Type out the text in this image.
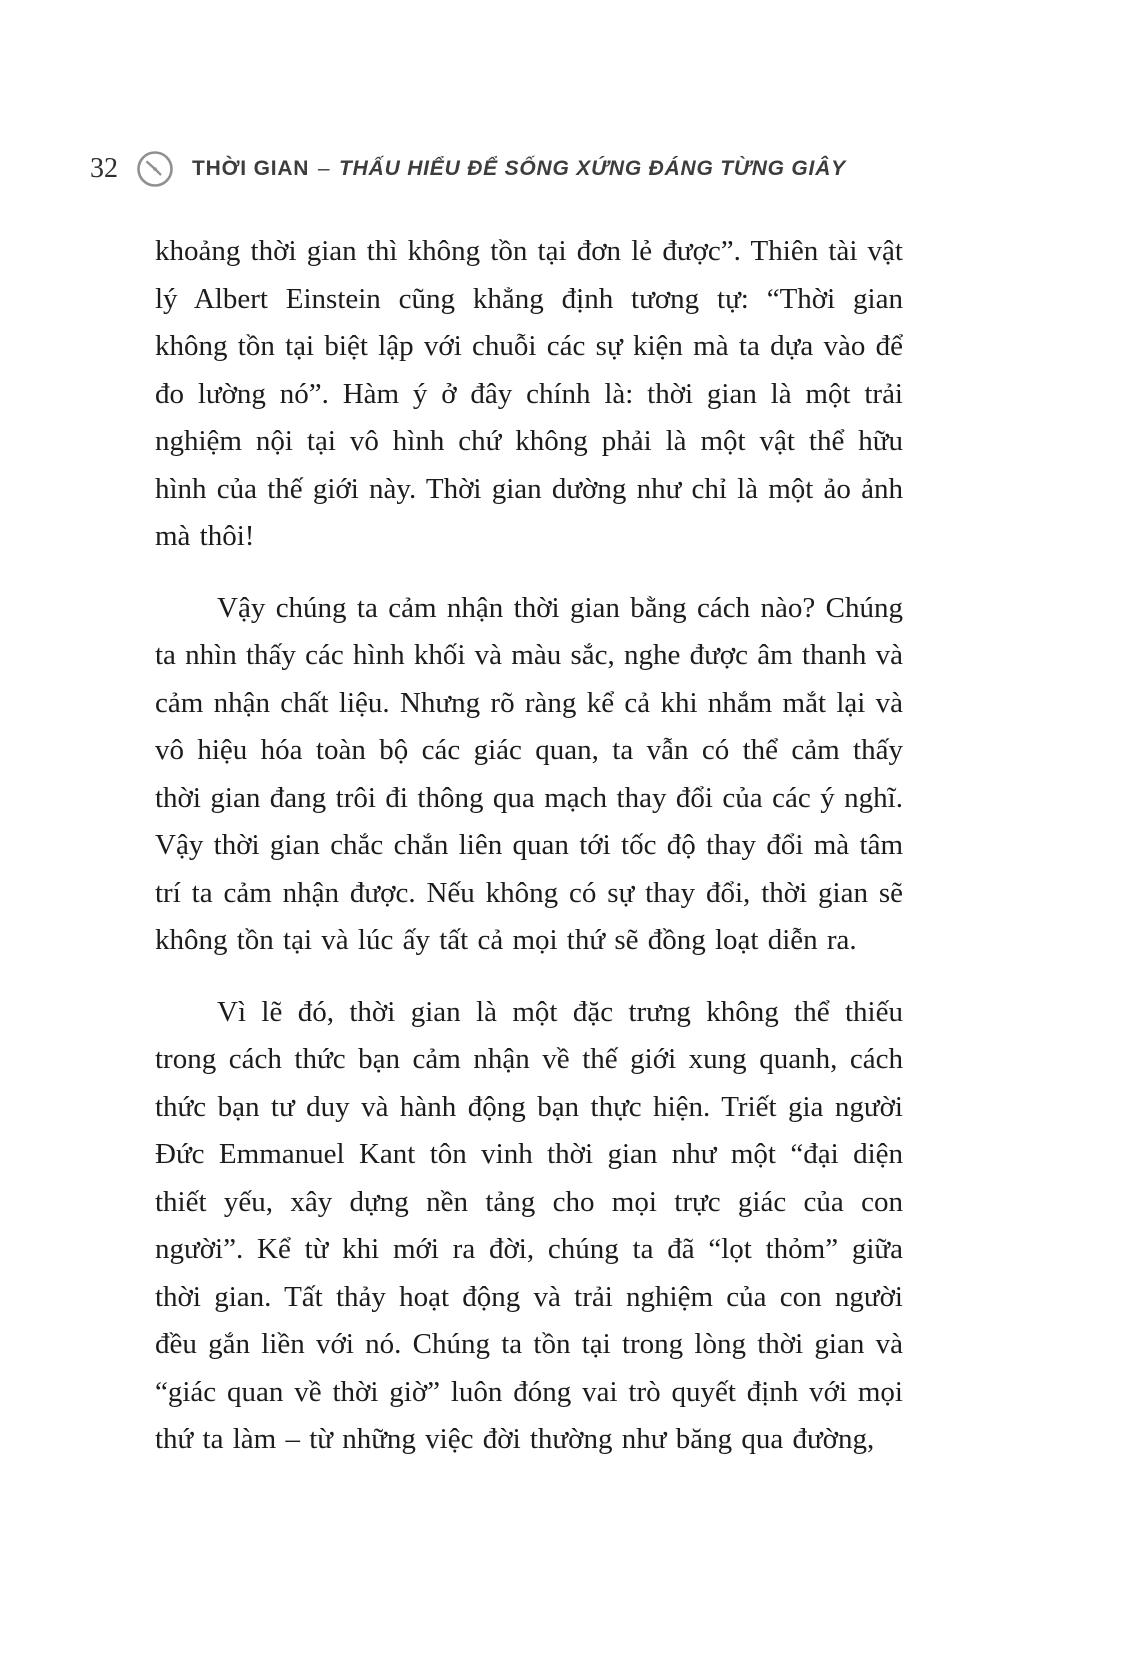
32	THỜI GIAN – THẤU HIỂU ĐỂ SỐNG XỨNG ĐÁNG TỪNG GIÂY

khoảng thời gian thì không tồn tại đơn lẻ được”. Thiên tài vật lý Albert Einstein cũng khẳng định tương tự: “Thời gian không tồn tại biệt lập với chuỗi các sự kiện mà ta dựa vào để đo lường nó”. Hàm ý ở đây chính là: thời gian là một trải nghiệm nội tại vô hình chứ không phải là một vật thể hữu hình của thế giới này. Thời gian dường như chỉ là một ảo ảnh mà thôi!

Vậy chúng ta cảm nhận thời gian bằng cách nào? Chúng ta nhìn thấy các hình khối và màu sắc, nghe được âm thanh và cảm nhận chất liệu. Nhưng rõ ràng kể cả khi nhắm mắt lại và vô hiệu hóa toàn bộ các giác quan, ta vẫn có thể cảm thấy thời gian đang trôi đi thông qua mạch thay đổi của các ý nghĩ. Vậy thời gian chắc chắn liên quan tới tốc độ thay đổi mà tâm trí ta cảm nhận được. Nếu không có sự thay đổi, thời gian sẽ không tồn tại và lúc ấy tất cả mọi thứ sẽ đồng loạt diễn ra.

Vì lẽ đó, thời gian là một đặc trưng không thể thiếu trong cách thức bạn cảm nhận về thế giới xung quanh, cách thức bạn tư duy và hành động bạn thực hiện. Triết gia người Đức Emmanuel Kant tôn vinh thời gian như một “đại diện thiết yếu, xây dựng nền tảng cho mọi trực giác của con người”. Kể từ khi mới ra đời, chúng ta đã “lọt thỏm” giữa thời gian. Tất thảy hoạt động và trải nghiệm của con người đều gắn liền với nó. Chúng ta tồn tại trong lòng thời gian và “giác quan về thời giờ” luôn đóng vai trò quyết định với mọi thứ ta làm – từ những việc đời thường như băng qua đường,
